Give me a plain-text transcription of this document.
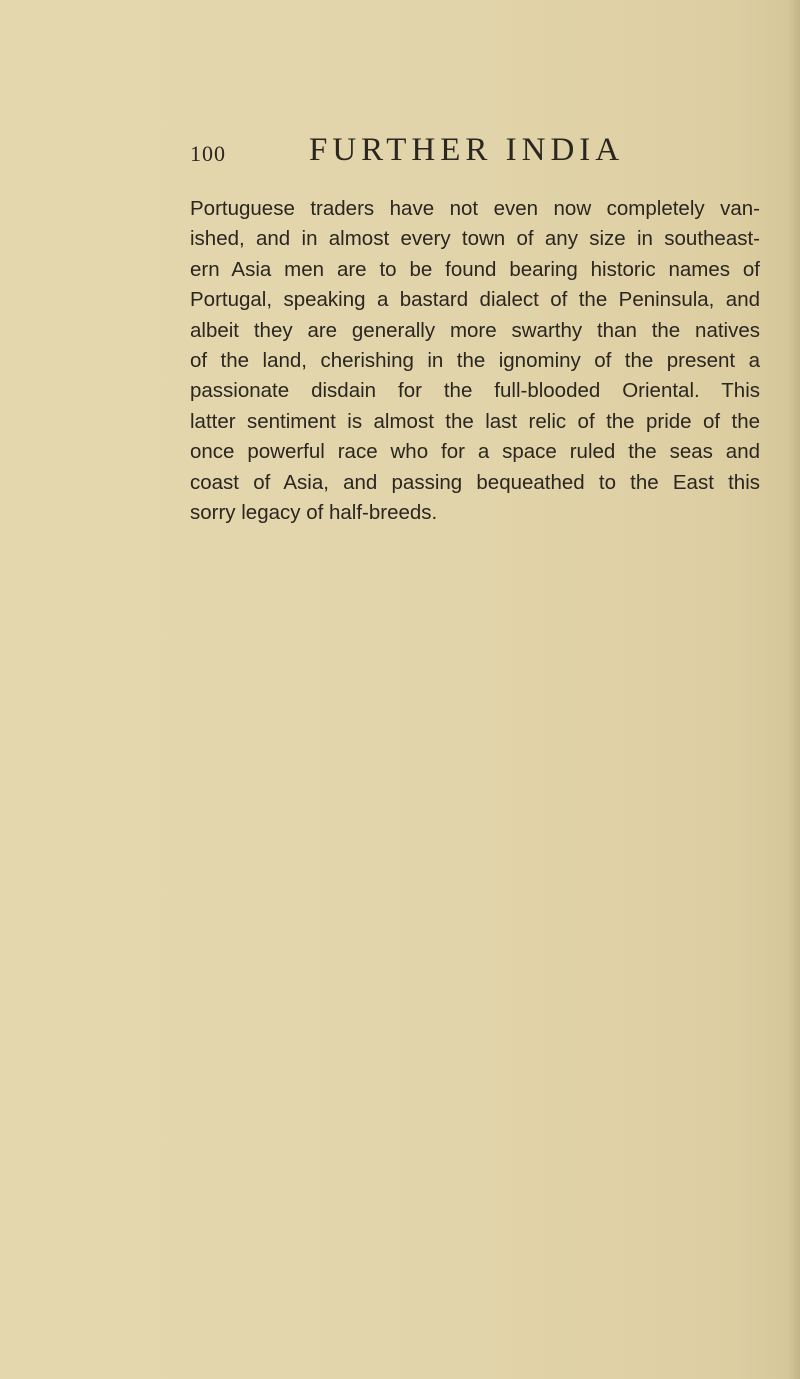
100	FURTHER INDIA
Portuguese traders have not even now completely van-
ished, and in almost every town of any size in southeast-
ern Asia men are to be found bearing historic names of
Portugal, speaking a bastard dialect of the Peninsula, and
albeit they are generally more swarthy than the natives
of the land, cherishing in the ignominy of the present a
passionate disdain for the full-blooded Oriental. This
latter sentiment is almost the last relic of the pride of the
once powerful race who for a space ruled the seas and
coast of Asia, and passing bequeathed to the East this
sorry legacy of half-breeds.
